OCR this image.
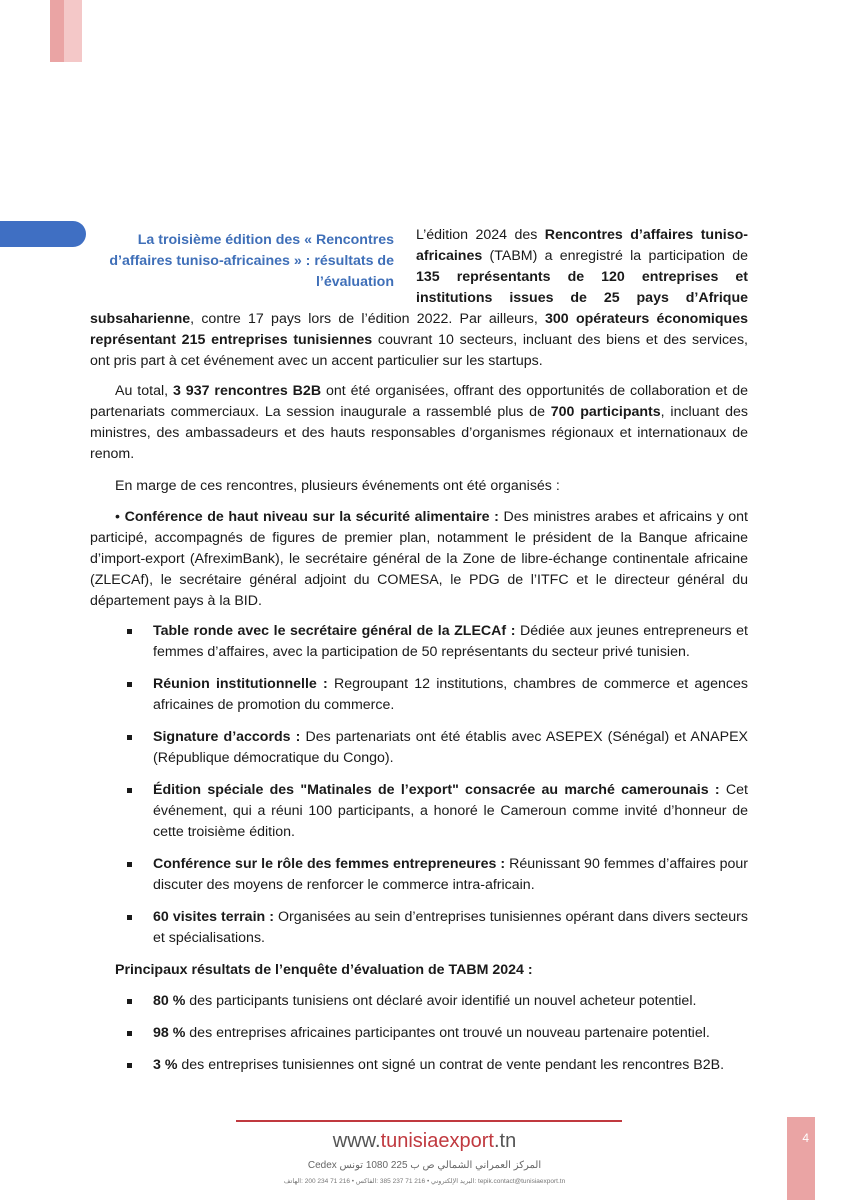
La troisième édition des « Rencontres d’affaires tuniso-africaines » : résultats de l’évaluation
L’édition 2024 des Rencontres d’affaires tuniso-africaines (TABM) a enregistré la participation de 135 représentants de 120 entreprises et institutions issues de 25 pays d’Afrique subsaharienne, contre 17 pays lors de l’édition 2022. Par ailleurs, 300 opérateurs économiques représentant 215 entreprises tunisiennes couvrant 10 secteurs, incluant des biens et des services, ont pris part à cet événement avec un accent particulier sur les startups.

Au total, 3 937 rencontres B2B ont été organisées, offrant des opportunités de collaboration et de partenariats commerciaux. La session inaugurale a rassemblé plus de 700 participants, incluant des ministres, des ambassadeurs et des hauts responsables d’organismes régionaux et internationaux de renom.

En marge de ces rencontres, plusieurs événements ont été organisés :

• Conférence de haut niveau sur la sécurité alimentaire : Des ministres arabes et africains y ont participé, accompagnés de figures de premier plan, notamment le président de la Banque africaine d’import-export (AfreximBank), le secrétaire général de la Zone de libre-échange continentale africaine (ZLECAf), le secrétaire général adjoint du COMESA, le PDG de l’ITFC et le directeur général du département pays à la BID.

Table ronde avec le secrétaire général de la ZLECAf : Dédiée aux jeunes entrepreneurs et femmes d’affaires, avec la participation de 50 représentants du secteur privé tunisien.
Réunion institutionnelle : Regroupant 12 institutions, chambres de commerce et agences africaines de promotion du commerce.
Signature d’accords : Des partenariats ont été établis avec ASEPEX (Sénégal) et ANAPEX (République démocratique du Congo).
Édition spéciale des "Matinales de l’export" consacrée au marché camerounais : Cet événement, qui a réuni 100 participants, a honoré le Cameroun comme invité d’honneur de cette troisième édition.
Conférence sur le rôle des femmes entrepreneures : Réunissant 90 femmes d’affaires pour discuter des moyens de renforcer le commerce intra-africain.
60 visites terrain : Organisées au sein d’entreprises tunisiennes opérant dans divers secteurs et spécialisations.
Principaux résultats de l’enquête d’évaluation de TABM 2024 :
80 % des participants tunisiens ont déclaré avoir identifié un nouvel acheteur potentiel.
98 % des entreprises africaines participantes ont trouvé un nouveau partenaire potentiel.
3 % des entreprises tunisiennes ont signé un contrat de vente pendant les rencontres B2B.
www.tunisiaexport.tn
المركز العمراني الشمالي ص ب 225 1080 تونس Cedex
tepik.contact@tunisiaexport.tn :البريد الإلكتروني • 216 71 237 385 :الفاكس • 216 71 234 200 :الهاتف
4
